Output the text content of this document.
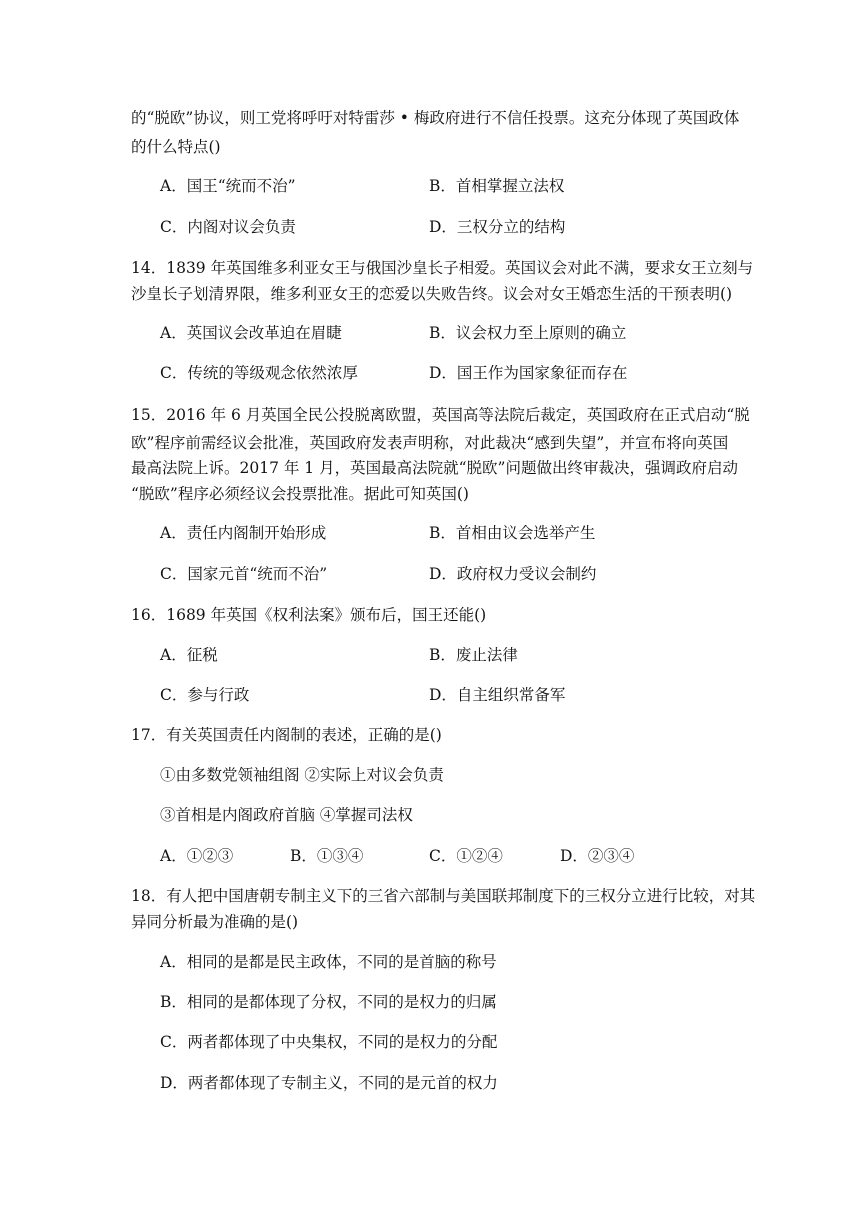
的“脱欧”协议，则工党将呼吁对特雷莎 • 梅政府进行不信任投票。这充分体现了英国政体
的什么特点()
A．国王“统而不治”	B．首相掌握立法权
C．内阁对议会负责	D．三权分立的结构
14．1839 年英国维多利亚女王与俄国沙皇长子相爱。英国议会对此不满，要求女王立刻与
沙皇长子划清界限，维多利亚女王的恋爱以失败告终。议会对女王婚恋生活的干预表明()
A．英国议会改革迫在眉睫	B．议会权力至上原则的确立
C．传统的等级观念依然浓厚	D．国王作为国家象征而存在
15．2016 年 6 月英国全民公投脱离欧盟，英国高等法院后裁定，英国政府在正式启动“脱
欧”程序前需经议会批准，英国政府发表声明称，对此裁决“感到失望”，并宣布将向英国
最高法院上诉。2017 年 1 月，英国最高法院就“脱欧”问题做出终审裁决，强调政府启动
“脱欧”程序必须经议会投票批准。据此可知英国()
A．责任内阁制开始形成	B．首相由议会选举产生
C．国家元首“统而不治”	D．政府权力受议会制约
16．1689 年英国《权利法案》颁布后，国王还能()
A．征税	B．废止法律
C．参与行政	D．自主组织常备军
17．有关英国责任内阁制的表述，正确的是()
①由多数党领袖组阁 ②实际上对议会负责
③首相是内阁政府首脑 ④掌握司法权
A．①②③	B．①③④	C．①②④	D．②③④
18．有人把中国唐朝专制主义下的三省六部制与美国联邦制度下的三权分立进行比较，对其
异同分析最为准确的是()
A．相同的是都是民主政体，不同的是首脑的称号
B．相同的是都体现了分权，不同的是权力的归属
C．两者都体现了中央集权，不同的是权力的分配
D．两者都体现了专制主义，不同的是元首的权力
